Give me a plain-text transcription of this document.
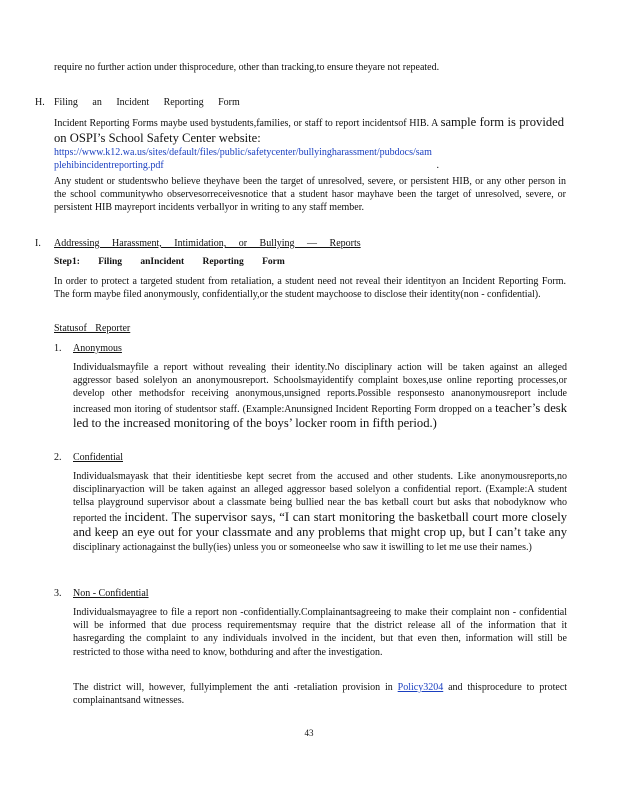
require no further action under thisprocedure, other than tracking,to ensure theyare not repeated.
H. Filing an Incident Reporting Form
Incident Reporting Forms maybe used bystudents,families, or staff to report incidentsof HIB. A sample form is provided on OSPI’s School Safety Center website:
https://www.k12.wa.us/sites/default/files/public/safetycenter/bullyingharassment/pubdocs/samplehibincidentreporting.pdf	.
Any student or studentswho believe theyhave been the target of unresolved, severe, or persistent HIB, or any other person in the school communitywho observesorreceivesnotice that a student hasor mayhave been the target of unresolved, severe, or persistent HIB mayreport incidents verballyor in writing to any staff member.
I. Addressing Harassment, Intimidation, or Bullying — Reports
Step1: Filing anIncident Reporting Form
In order to protect a targeted student from retaliation, a student need not reveal their identityon an Incident Reporting Form. The form maybe filed anonymously, confidentially,or the student maychoose to disclose their identity(non - confidential).
Statusof Reporter
1. Anonymous
Individualsmayfile a report without revealing their identity.No disciplinary action will be taken against an alleged aggressor based solelyon an anonymousreport. Schoolsmayidentify complaint boxes,use online reporting processes,or develop other methodsfor receiving anonymous,unsigned reports.Possible responsesto ananonymousreport include increased mon itoring of studentsor staff. (Example:Anunsigned Incident Reporting Form dropped on a teacher’s desk led to the increased monitoring of the boys’ locker room in fifth period.)
2. Confidential
Individualsmayask that their identitiesbe kept secret from the accused and other students. Like anonymousreports,no disciplinaryaction will be taken against an alleged aggressor based solelyon a confidential report. (Example:A student tellsa playground supervisor about a classmate being bullied near the bas ketball court but asks that nobodyknow who reported the incident. The supervisor says, “I can start monitoring the basketball court more closely and keep an eye out for your classmate and any problems that might crop up, but I can’t take any disciplinary actionagainst the bully(ies) unless you or someoneelse who saw it iswilling to let me use their names.)
3. Non - Confidential
Individualsmayagree to file a report non -confidentially.Complainantsagreeing to make their complaint non - confidential will be informed that due process requirementsmay require that the district release all of the information that it hasregarding the complaint to any individuals involved in the incident, but that even then, information will still be restricted to those witha need to know, bothduring and after the investigation.
The district will, however, fullyimplement the anti -retaliation provision in Policy3204 and thisprocedure to protect complainantsand witnesses.
43
